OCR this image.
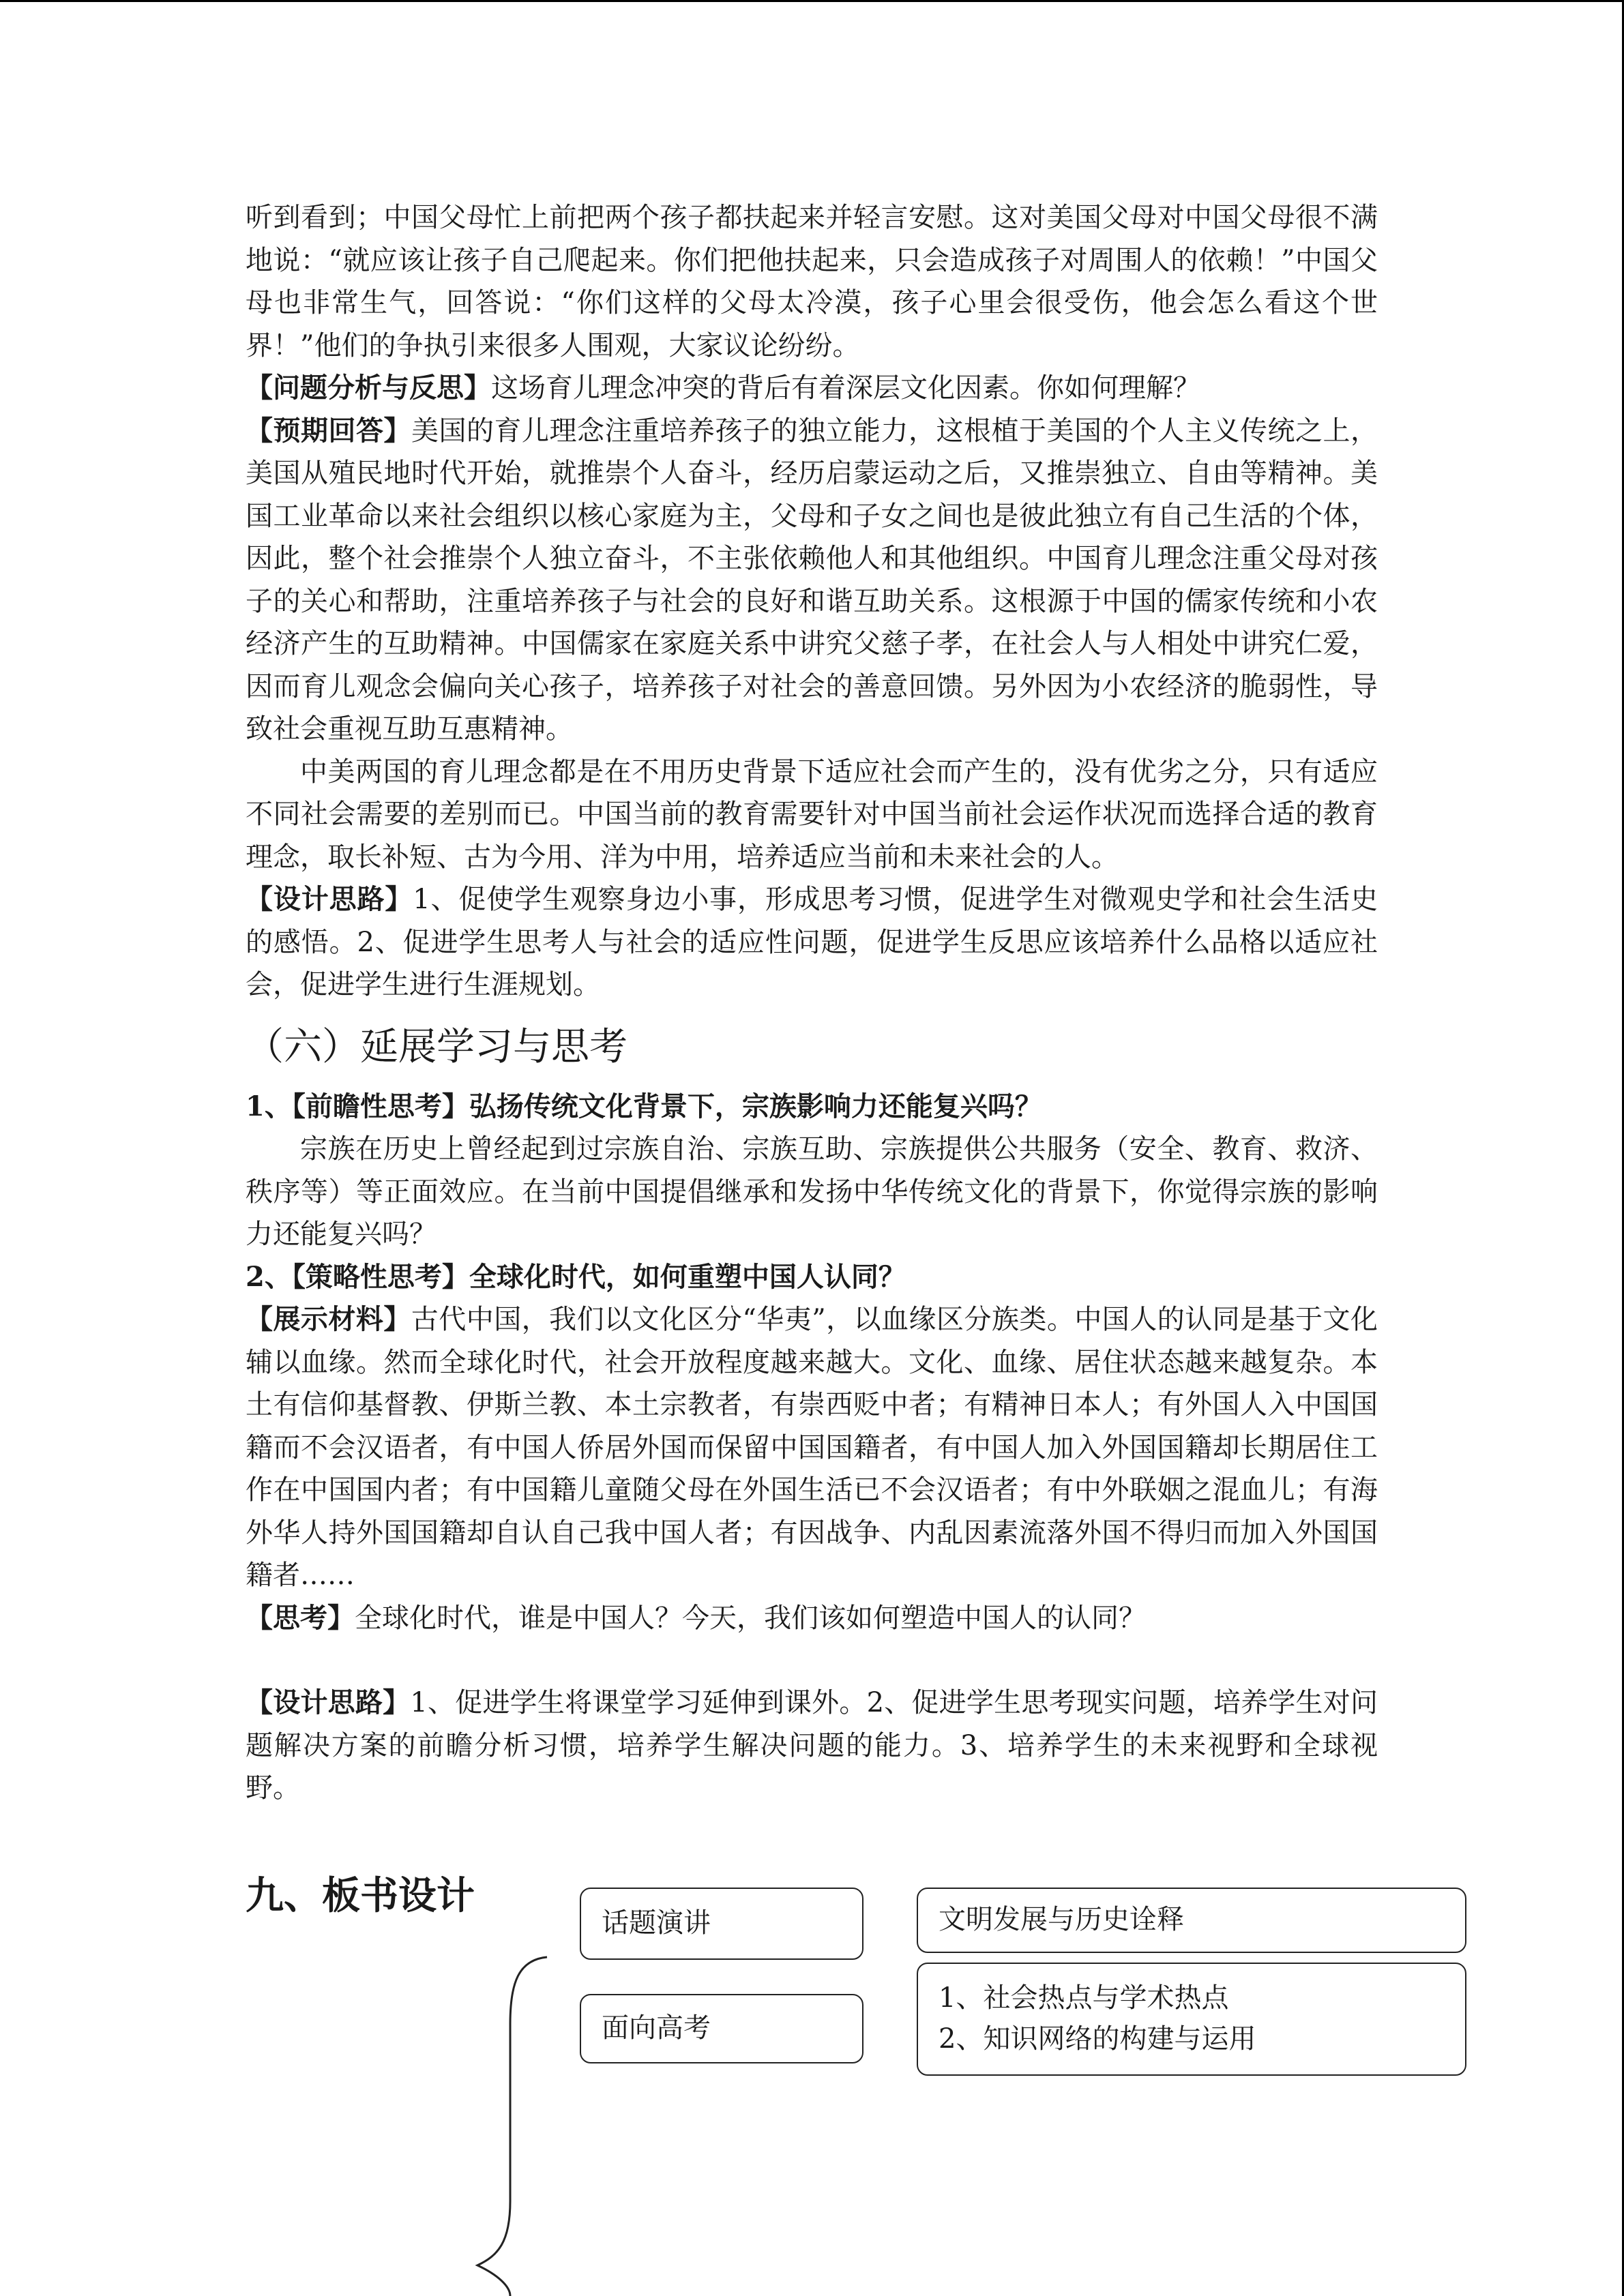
听到看到；中国父母忙上前把两个孩子都扶起来并轻言安慰。这对美国父母对中国父母很不满地说：“就应该让孩子自己爬起来。你们把他扶起来，只会造成孩子对周围人的依赖！”中国父母也非常生气，回答说：“你们这样的父母太冷漠，孩子心里会很受伤，他会怎么看这个世界！”他们的争执引来很多人围观，大家议论纷纷。

【问题分析与反思】这场育儿理念冲突的背后有着深层文化因素。你如何理解？

【预期回答】美国的育儿理念注重培养孩子的独立能力，这根植于美国的个人主义传统之上，美国从殖民地时代开始，就推崇个人奋斗，经历启蒙运动之后，又推崇独立、自由等精神。美国工业革命以来社会组织以核心家庭为主，父母和子女之间也是彼此独立有自己生活的个体，因此，整个社会推崇个人独立奋斗，不主张依赖他人和其他组织。中国育儿理念注重父母对孩子的关心和帮助，注重培养孩子与社会的良好和谐互助关系。这根源于中国的儒家传统和小农经济产生的互助精神。中国儒家在家庭关系中讲究父慈子孝，在社会人与人相处中讲究仁爱，因而育儿观念会偏向关心孩子，培养孩子对社会的善意回馈。另外因为小农经济的脆弱性，导致社会重视互助互惠精神。

中美两国的育儿理念都是在不用历史背景下适应社会而产生的，没有优劣之分，只有适应不同社会需要的差别而已。中国当前的教育需要针对中国当前社会运作状况而选择合适的教育理念，取长补短、古为今用、洋为中用，培养适应当前和未来社会的人。

【设计思路】1、促使学生观察身边小事，形成思考习惯，促进学生对微观史学和社会生活史的感悟。2、促进学生思考人与社会的适应性问题，促进学生反思应该培养什么品格以适应社会，促进学生进行生涯规划。

（六）延展学习与思考

1、【前瞻性思考】弘扬传统文化背景下，宗族影响力还能复兴吗？

宗族在历史上曾经起到过宗族自治、宗族互助、宗族提供公共服务（安全、教育、救济、秩序等）等正面效应。在当前中国提倡继承和发扬中华传统文化的背景下，你觉得宗族的影响力还能复兴吗？

2、【策略性思考】全球化时代，如何重塑中国人认同？

【展示材料】古代中国，我们以文化区分“华夷”，以血缘区分族类。中国人的认同是基于文化辅以血缘。然而全球化时代，社会开放程度越来越大。文化、血缘、居住状态越来越复杂。本土有信仰基督教、伊斯兰教、本土宗教者，有崇西贬中者；有精神日本人；有外国人入中国国籍而不会汉语者，有中国人侨居外国而保留中国国籍者，有中国人加入外国国籍却长期居住工作在中国国内者；有中国籍儿童随父母在外国生活已不会汉语者；有中外联姻之混血儿；有海外华人持外国国籍却自认自己我中国人者；有因战争、内乱因素流落外国不得归而加入外国国籍者……

【思考】全球化时代，谁是中国人？今天，我们该如何塑造中国人的认同？

【设计思路】1、促进学生将课堂学习延伸到课外。2、促进学生思考现实问题，培养学生对问题解决方案的前瞻分析习惯，培养学生解决问题的能力。3、培养学生的未来视野和全球视野。

九、板书设计
话题演讲	文明发展与历史诠释
面向高考
1、社会热点与学术热点
2、知识网络的构建与运用
